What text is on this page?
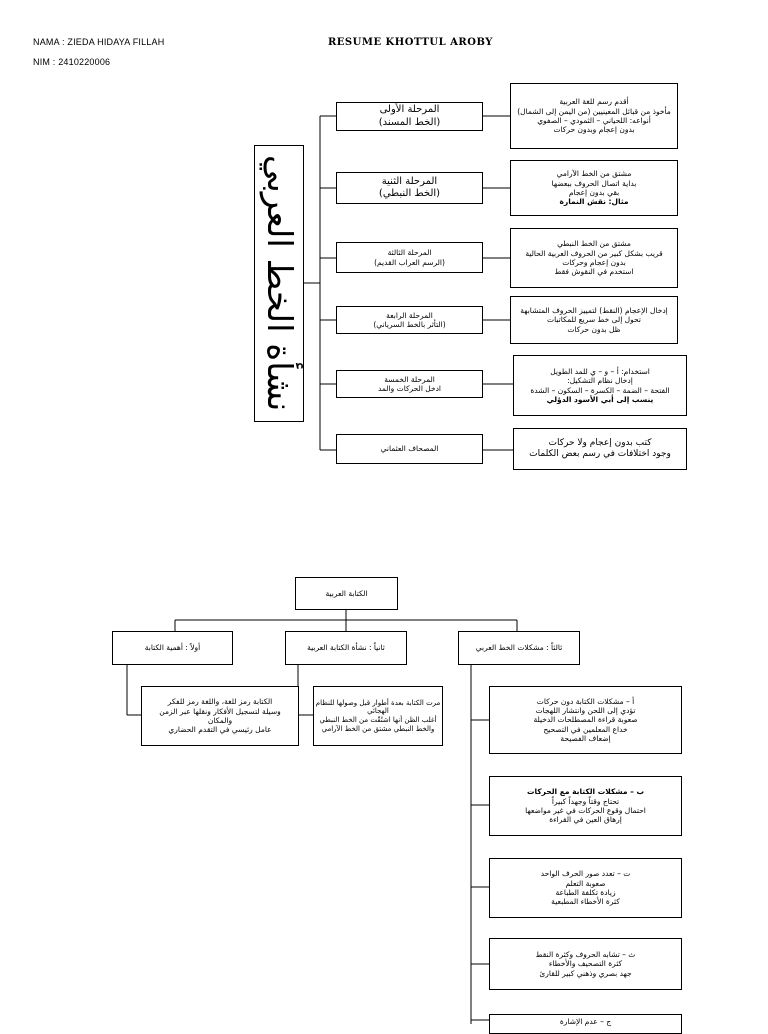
NAMA : ZIEDA HIDAYA FILLAH
NIM : 2410220006
RESUME KHOTTUL AROBY
نشأة الخط العربي
المرحلة الأولى
(الخط المسند)
أقدم رسم للغة العربية
مأخوذ من قبائل المعينيين (من اليمن إلى الشمال)
أنواعه: اللحياني – الثمودي – الصفوي
بدون إعجام وبدون حركات
المرحلة الثنية
(الخط النبطي)
مشتق من الخط الآرامي
بداية اتصال الحروف ببعضها
بقي بدون إعجام
مثال: نقش النمارة
المرحلة الثالثة
(الرسم العراب القديم)
مشتق من الخط النبطي
قريب بشكل كبير من الحروف العربية الحالية
بدون إعجام وحركات
استخدم في النقوش فقط
المرحلة الرابعة
(التأثر بالخط السرياني)
إدخال الإعجام (النقط) لتمييز الحروف المتشابهة
تحول إلى خط سريع للمكاتبات
ظل بدون حركات
المرحلة الخمسة
ادخل الحركات والمد
استخدام: أ – و – ي للمد الطويل
إدخال نظام التشكيل:
الفتحة – الضمة – الكسرة – السكون – الشدة
ينسب إلى أبي الأسود الدؤلي
المصحاف العثماني
كتب بدون إعجام ولا حركات
وجود اختلافات في رسم بعض الكلمات
الكتابة العربية
أولاً : أهمية الكتابة
الكتابة رمز للغة، واللغة رمز للفكر
وسيلة لتسجيل الأفكار ونقلها عبر الزمن
والمكان
عامل رئيسي في التقدم الحضاري
ثانياً : نشأة الكتابة العربية
مرت الكتابة بعدة أطوار قبل وصولها للنظام
الهجائي
أغلب الظن أنها اشتُقّت من الخط النبطي
والخط النبطي مشتق من الخط الآرامي
ثالثاً : مشكلات الخط العربي
أ – مشكلات الكتابة دون حركات
تؤدي إلى اللحن وانتشار اللهجات
صعوبة قراءة المصطلحات الدخيلة
خداع المعلمين في التصحيح
إضعاف الفصيحة
ب – مشكلات الكتابة مع الحركات
تحتاج وقتاً وجهداً كبيراً
احتمال وقوع الحركات في غير مواضعها
إرهاق العين في القراءة
ت – تعدد صور الحرف الواحد
صعوبة التعلم
زيادة تكلفة الطباعة
كثرة الأخطاء المطبعية
ث – تشابه الحروف وكثرة النقط
كثرة التصحيف والأخطاء
جهد بصري وذهني كبير للقارئ
ج – عدم الإشارة
